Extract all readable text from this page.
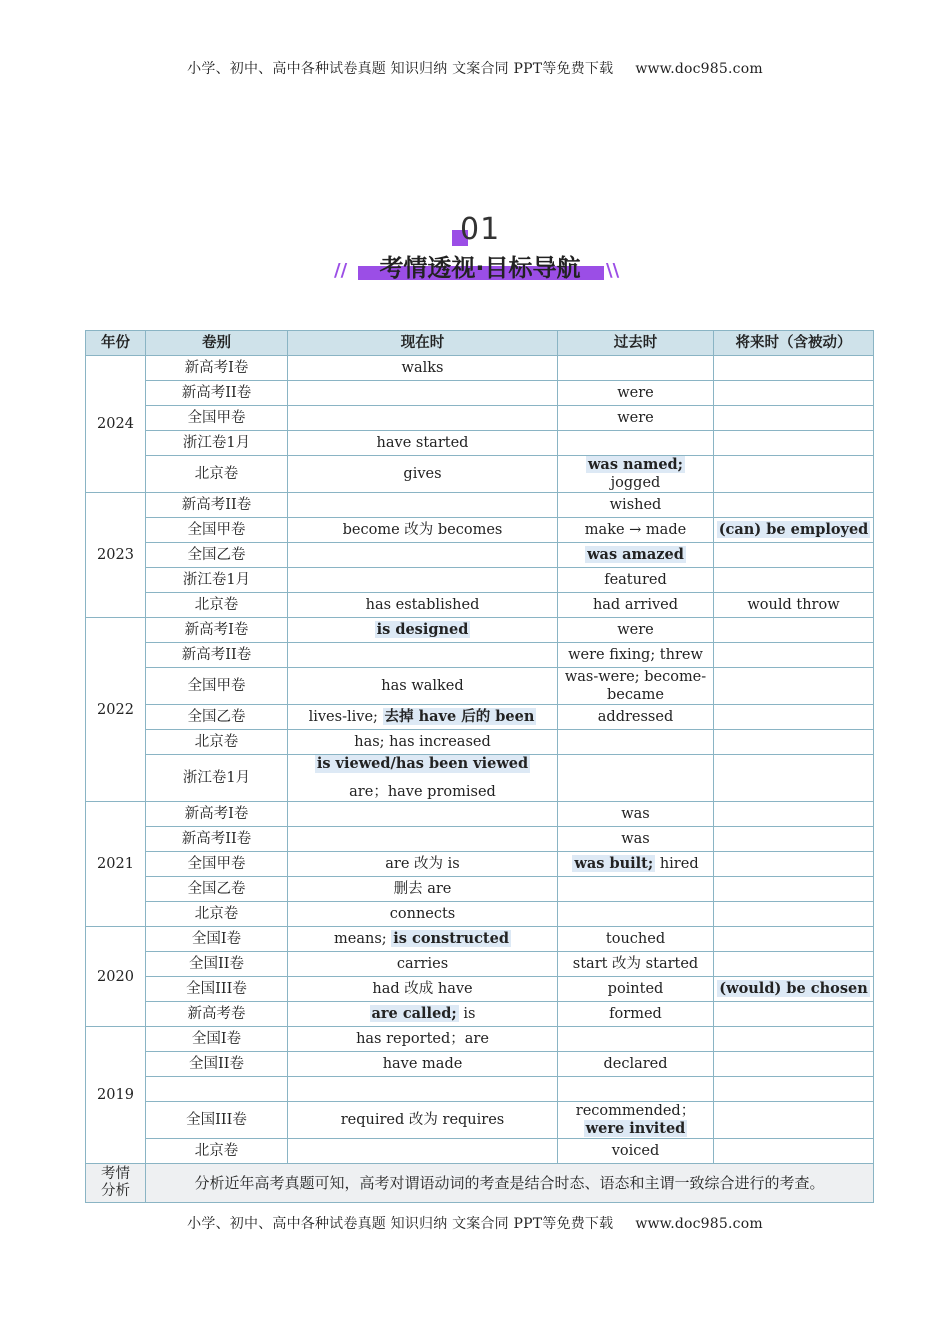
小学、初中、高中各种试卷真题 知识归纳 文案合同 PPT等免费下载 www.doc985.com
01
//	考情透视·目标导航	\\
年份	卷别	现在时	过去时	将来时（含被动）
2024	新高考I卷	walks		
	新高考II卷		were	
	全国甲卷		were	
	浙江卷1月	have started		
	北京卷	gives	was named; jogged	
2023	新高考II卷		wished	
	全国甲卷	become 改为 becomes	make → made	(can) be employed
	全国乙卷		was amazed	
	浙江卷1月		featured	
	北京卷	has established	had arrived	would throw
2022	新高考I卷	is designed	were	
	新高考II卷		were fixing; threw	
	全国甲卷	has walked	was-were; become-became	
	全国乙卷	lives-live; 去掉 have 后的 been	addressed	
	北京卷	has; has increased		
	浙江卷1月	is viewed/has been viewed
are；have promised		

2021	新高考I卷		was	
	新高考II卷		was	
	全国甲卷	are 改为 is	was built; hired	
	全国乙卷	删去 are		
	北京卷	connects		
2020	全国I卷	means; is constructed	touched	
	全国II卷	carries	start 改为 started	
	全国III卷	had 改成 have	pointed	(would) be chosen
	新高考卷	are called; is	formed	
2019	全国I卷	has reported；are		
	全国II卷	have made	declared	

	全国III卷	required 改为 requires	recommended；
were invited	
	北京卷		voiced	
考情分析	分析近年高考真题可知，高考对谓语动词的考查是结合时态、语态和主谓一致综合进行的考查。			
小学、初中、高中各种试卷真题 知识归纳 文案合同 PPT等免费下载 www.doc985.com
